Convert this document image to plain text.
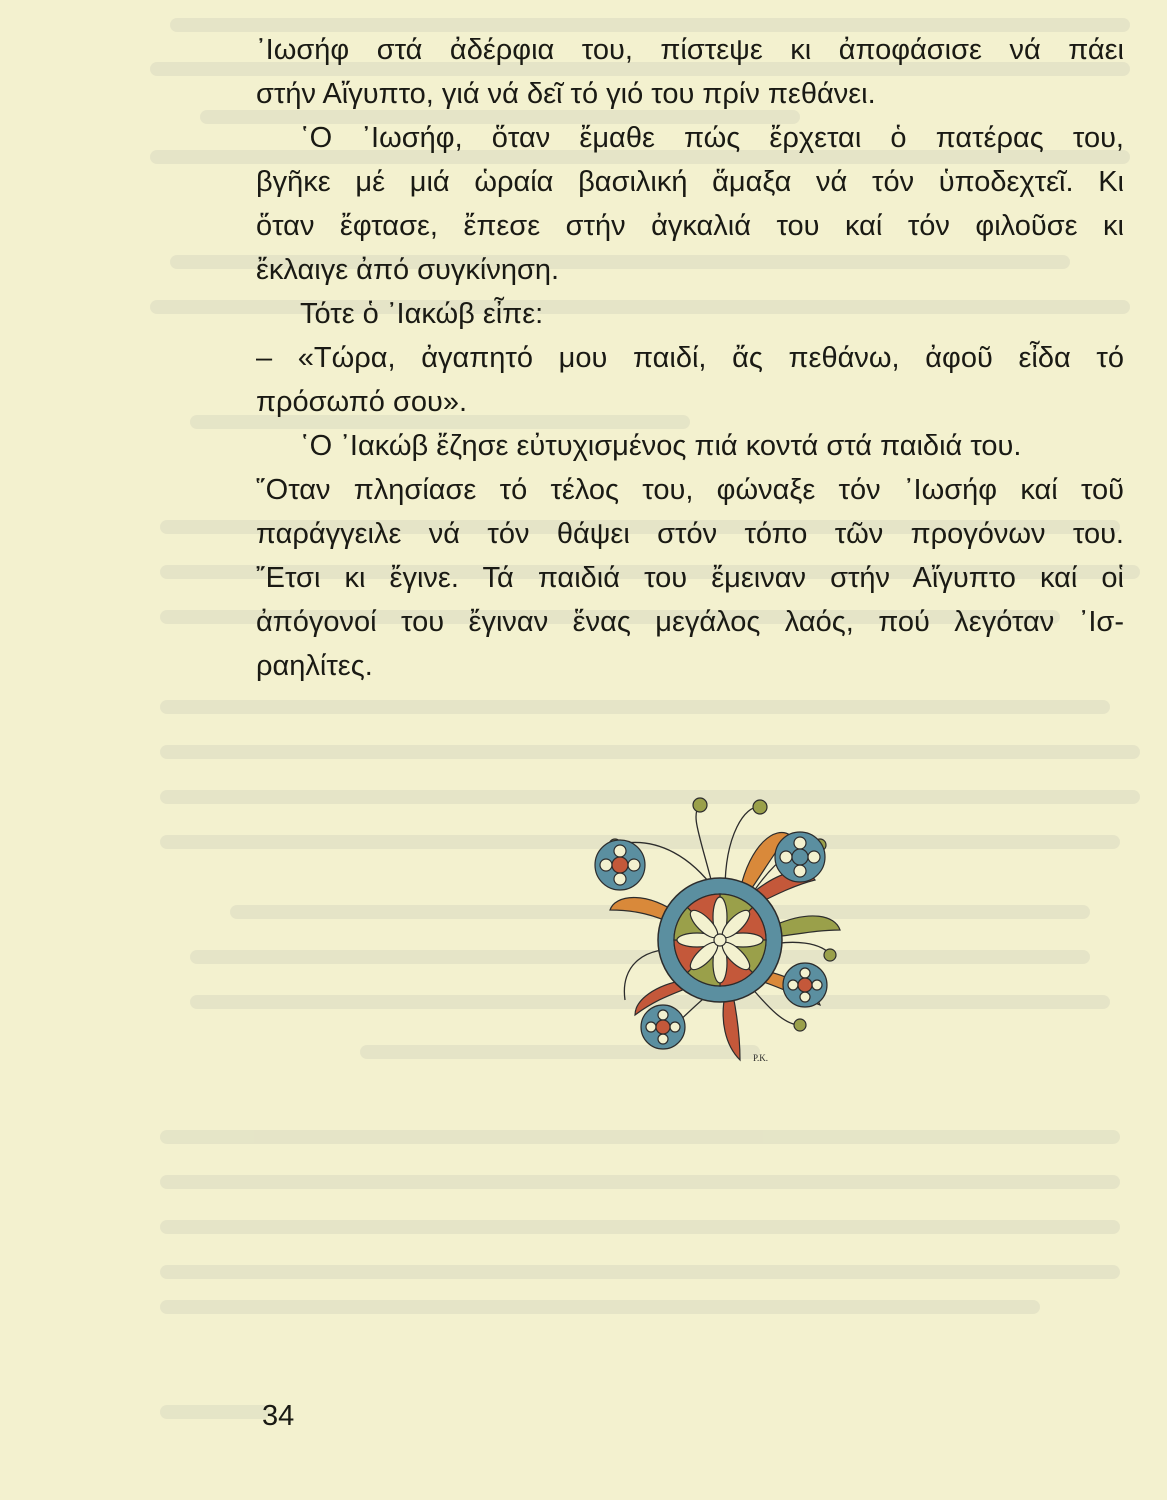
᾿Ιωσήφ στά ἀδέρφια του, πίστεψε κι ἀποφάσισε νά πάει
στήν Αἴγυπτο, γιά νά δεῖ τό γιό του πρίν πεθάνει.
῾Ο ᾿Ιωσήφ, ὅταν ἔμαθε πώς ἔρχεται ὁ πατέρας του,
βγῆκε μέ μιά ὡραία βασιλική ἅμαξα νά τόν ὑποδεχτεῖ. Κι
ὅταν ἔφτασε, ἔπεσε στήν ἀγκαλιά του καί τόν φιλοῦσε κι
ἔκλαιγε ἀπό συγκίνηση.
Τότε ὁ ᾿Ιακώβ εἶπε:
– «Τώρα, ἀγαπητό μου παιδί, ἄς πεθάνω, ἀφοῦ εἶδα τό
πρόσωπό σου».
῾Ο ᾿Ιακώβ ἔζησε εὐτυχισμένος πιά κοντά στά παιδιά του.
῞Οταν πλησίασε τό τέλος του, φώναξε τόν ᾿Ιωσήφ καί τοῦ
παράγγειλε νά τόν θάψει στόν τόπο τῶν προγόνων του.
῎Ετσι κι ἔγινε. Τά παιδιά του ἔμειναν στήν Αἴγυπτο καί οἱ
ἀπόγονοί του ἔγιναν ἕνας μεγάλος λαός, πού λεγόταν ᾿Ισ-
ραηλίτες.
P.K.
34
